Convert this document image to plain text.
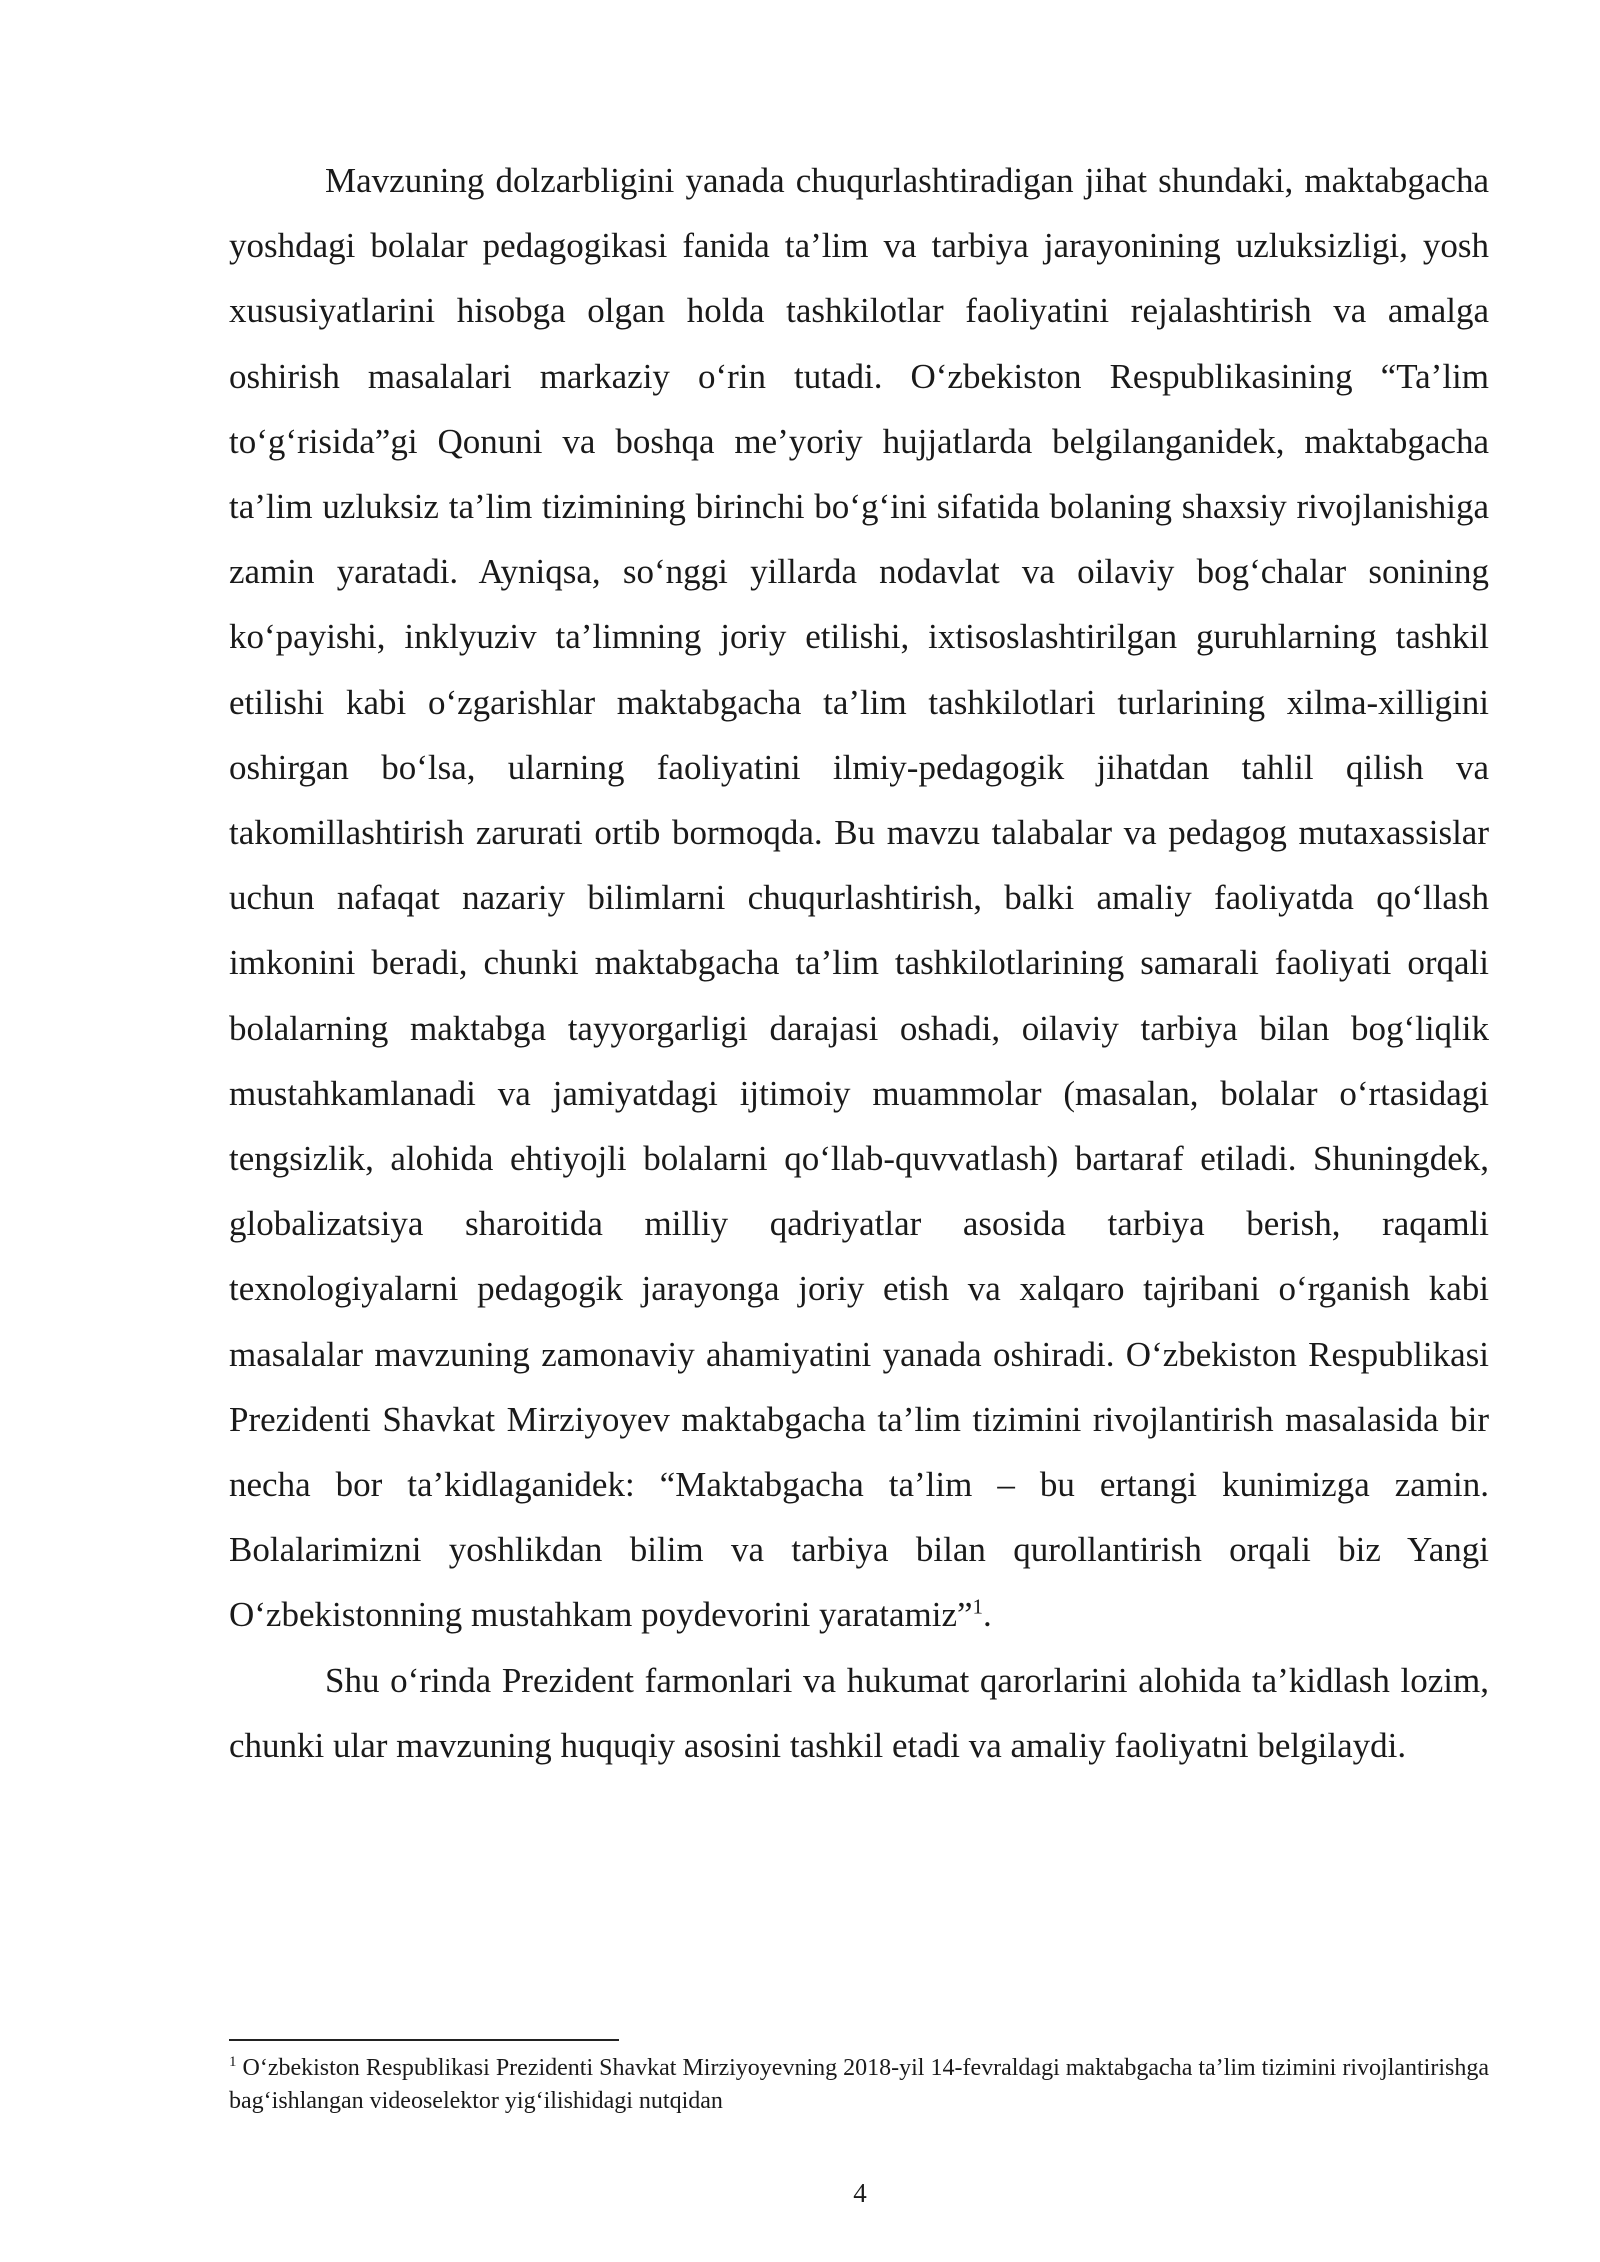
Mavzuning dolzarbligini yanada chuqurlashtiradigan jihat shundaki, maktabgacha yoshdagi bolalar pedagogikasi fanida ta’lim va tarbiya jarayonining uzluksizligi, yosh xususiyatlarini hisobga olgan holda tashkilotlar faoliyatini rejalashtirish va amalga oshirish masalalari markaziy o‘rin tutadi. O‘zbekiston Respublikasining “Ta’lim to‘g‘risida”gi Qonuni va boshqa me’yoriy hujjatlarda belgilanganidek, maktabgacha ta’lim uzluksiz ta’lim tizimining birinchi bo‘g‘ini sifatida bolaning shaxsiy rivojlanishiga zamin yaratadi. Ayniqsa, so‘nggi yillarda nodavlat va oilaviy bog‘chalar sonining ko‘payishi, inklyuziv ta’limning joriy etilishi, ixtisoslashtirilgan guruhlarning tashkil etilishi kabi o‘zgarishlar maktabgacha ta’lim tashkilotlari turlarining xilma-xilligini oshirgan bo‘lsa, ularning faoliyatini ilmiy-pedagogik jihatdan tahlil qilish va takomillashtirish zarurati ortib bormoqda. Bu mavzu talabalar va pedagog mutaxassislar uchun nafaqat nazariy bilimlarni chuqurlashtirish, balki amaliy faoliyatda qo‘llash imkonini beradi, chunki maktabgacha ta’lim tashkilotlarining samarali faoliyati orqali bolalarning maktabga tayyorgarligi darajasi oshadi, oilaviy tarbiya bilan bog‘liqlik mustahkamlanadi va jamiyatdagi ijtimoiy muammolar (masalan, bolalar o‘rtasidagi tengsizlik, alohida ehtiyojli bolalarni qo‘llab-quvvatlash) bartaraf etiladi. Shuningdek, globalizatsiya sharoitida milliy qadriyatlar asosida tarbiya berish, raqamli texnologiyalarni pedagogik jarayonga joriy etish va xalqaro tajribani o‘rganish kabi masalalar mavzuning zamonaviy ahamiyatini yanada oshiradi. O‘zbekiston Respublikasi Prezidenti Shavkat Mirziyoyev maktabgacha ta’lim tizimini rivojlantirish masalasida bir necha bor ta’kidlaganidek: “Maktabgacha ta’lim – bu ertangi kunimizga zamin. Bolalarimizni yoshlikdan bilim va tarbiya bilan qurollantirish orqali biz Yangi O‘zbekistonning mustahkam poydevorini yaratamiz”$^1$.

Shu o‘rinda Prezident farmonlari va hukumat qarorlarini alohida ta’kidlash lozim, chunki ular mavzuning huquqiy asosini tashkil etadi va amaliy faoliyatni belgilaydi.

$^1$ O‘zbekiston Respublikasi Prezidenti Shavkat Mirziyoyevning 2018-yil 14-fevraldagi maktabgacha ta’lim tizimini rivojlantirishga bag‘ishlangan videoselektor yig‘ilishidagi nutqidan

4
